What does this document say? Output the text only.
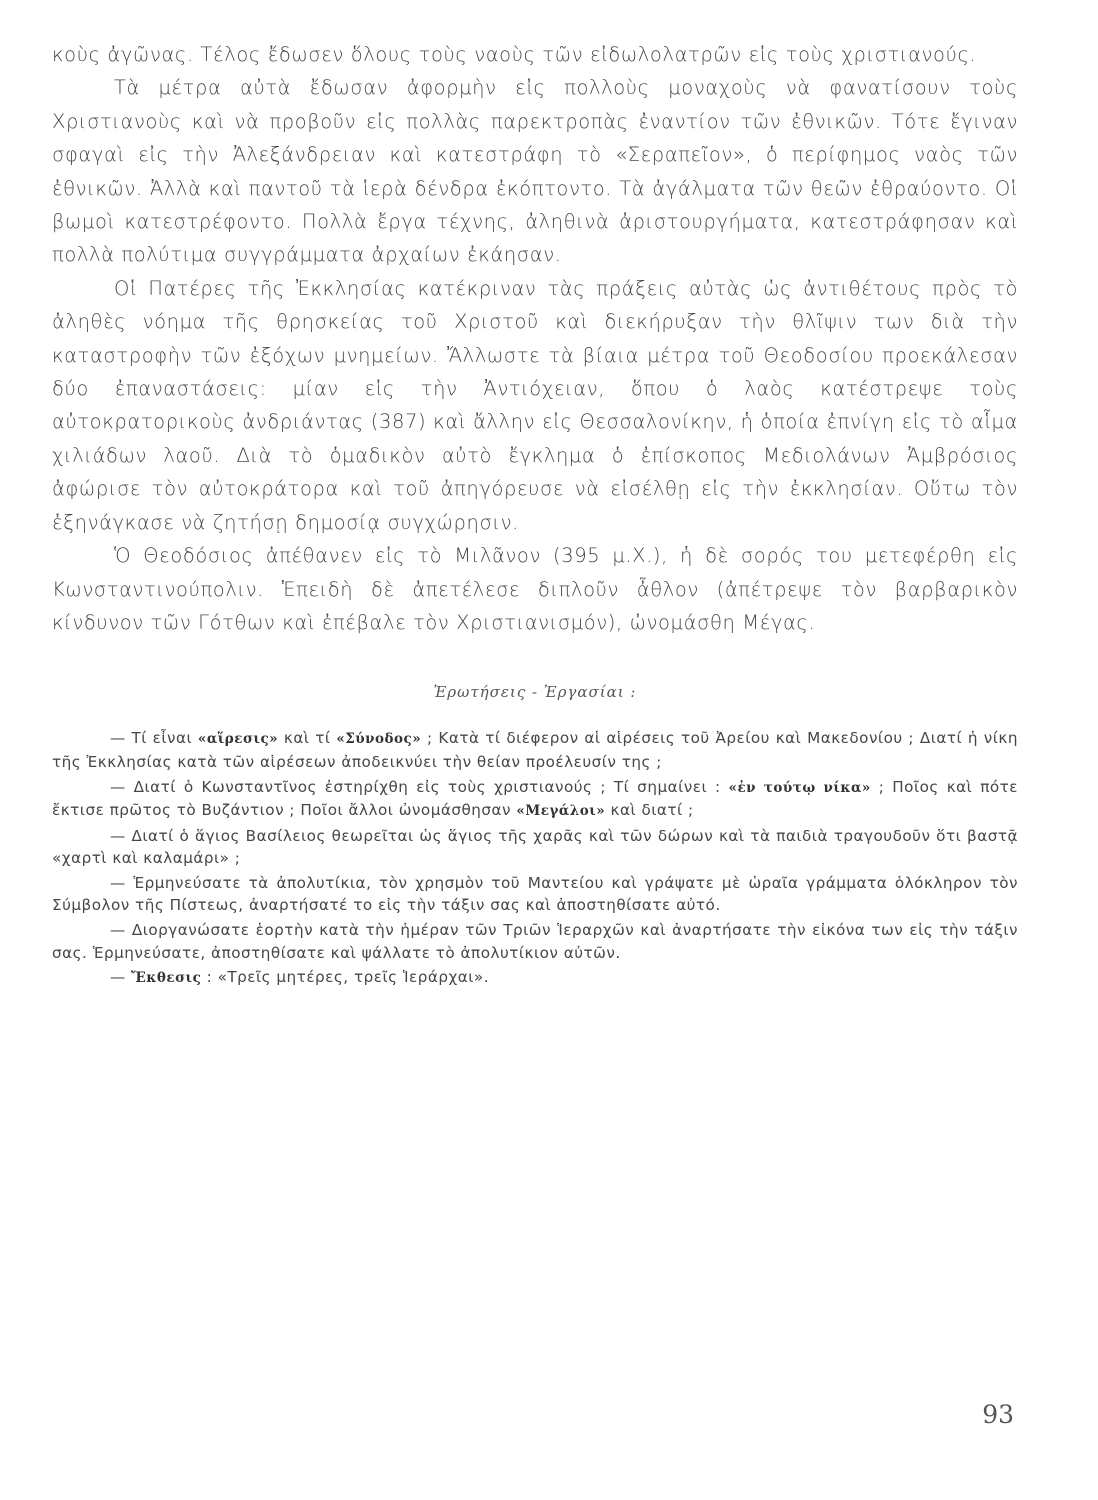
κοὺς ἀγῶνας. Τέλος ἔδωσεν ὅλους τοὺς ναοὺς τῶν εἰδωλολατρῶν εἰς τοὺς χριστιανούς.

Τὰ μέτρα αὐτὰ ἔδωσαν ἀφορμὴν εἰς πολλοὺς μοναχοὺς νὰ φανατίσουν τοὺς Χριστιανοὺς καὶ νὰ προβοῦν εἰς πολλὰς παρεκτροπὰς ἐναντίον τῶν ἐθνικῶν. Τότε ἔγιναν σφαγαὶ εἰς τὴν Ἀλεξάνδρειαν καὶ κατεστράφη τὸ «Σεραπεῖον», ὁ περίφημος ναὸς τῶν ἐθνικῶν. Ἀλλὰ καὶ παντοῦ τὰ ἱερὰ δένδρα ἐκόπτοντο. Τὰ ἀγάλματα τῶν θεῶν ἐθραύοντο. Οἱ βωμοὶ κατεστρέφοντο. Πολλὰ ἔργα τέχνης, ἀληθινὰ ἀριστουργήματα, κατεστράφησαν καὶ πολλὰ πολύτιμα συγγράμματα ἀρχαίων ἐκάησαν.

Οἱ Πατέρες τῆς Ἐκκλησίας κατέκριναν τὰς πράξεις αὐτὰς ὡς ἀντιθέτους πρὸς τὸ ἀληθὲς νόημα τῆς θρησκείας τοῦ Χριστοῦ καὶ διεκήρυξαν τὴν θλῖψιν των διὰ τὴν καταστροφὴν τῶν ἐξόχων μνημείων. Ἄλλωστε τὰ βίαια μέτρα τοῦ Θεοδοσίου προεκάλεσαν δύο ἐπαναστάσεις: μίαν εἰς τὴν Ἀντιόχειαν, ὅπου ὁ λαὸς κατέστρεψε τοὺς αὐτοκρατορικοὺς ἀνδριάντας (387) καὶ ἄλλην εἰς Θεσσαλονίκην, ἡ ὁποία ἐπνίγη εἰς τὸ αἷμα χιλιάδων λαοῦ. Διὰ τὸ ὁμαδικὸν αὐτὸ ἔγκλημα ὁ ἐπίσκοπος Μεδιολάνων Ἀμβρόσιος ἀφώρισε τὸν αὐτοκράτορα καὶ τοῦ ἀπηγόρευσε νὰ εἰσέλθῃ εἰς τὴν ἐκκλησίαν. Οὕτω τὸν ἐξηνάγκασε νὰ ζητήσῃ δημοσίᾳ συγχώρησιν.

Ὁ Θεοδόσιος ἀπέθανεν εἰς τὸ Μιλᾶνον (395 μ.Χ.), ἡ δὲ σορός του μετεφέρθη εἰς Κωνσταντινούπολιν. Ἐπειδὴ δὲ ἀπετέλεσε διπλοῦν ἆθλον (ἀπέτρεψε τὸν βαρβαρικὸν κίνδυνον τῶν Γότθων καὶ ἐπέβαλε τὸν Χριστιανισμόν), ὠνομάσθη Μέγας.

Ἐρωτήσεις - Ἐργασίαι :

— Τί εἶναι «αἵρεσις» καὶ τί «Σύνοδος» ; Κατὰ τί διέφερον αἱ αἱρέσεις τοῦ Ἀρείου καὶ Μακεδονίου ; Διατί ἡ νίκη τῆς Ἐκκλησίας κατὰ τῶν αἱρέσεων ἀποδεικνύει τὴν θείαν προέλευσίν της ;

— Διατί ὁ Κωνσταντῖνος ἐστηρίχθη εἰς τοὺς χριστιανούς ; Τί σημαίνει : «ἐν τούτῳ νίκα» ; Ποῖος καὶ πότε ἔκτισε πρῶτος τὸ Βυζάντιον ; Ποῖοι ἄλλοι ὠνομάσθησαν «Μεγάλοι» καὶ διατί ;

— Διατί ὁ ἅγιος Βασίλειος θεωρεῖται ὡς ἅγιος τῆς χαρᾶς καὶ τῶν δώρων καὶ τὰ παιδιὰ τραγουδοῦν ὅτι βαστᾷ «χαρτὶ καὶ καλαμάρι» ;

— Ἑρμηνεύσατε τὰ ἀπολυτίκια, τὸν χρησμὸν τοῦ Μαντείου καὶ γράψατε μὲ ὡραῖα γράμματα ὁλόκληρον τὸν Σύμβολον τῆς Πίστεως, ἀναρτήσατέ το εἰς τὴν τάξιν σας καὶ ἀποστηθίσατε αὐτό.

— Διοργανώσατε ἑορτὴν κατὰ τὴν ἡμέραν τῶν Τριῶν Ἱεραρχῶν καὶ ἀναρτήσατε τὴν εἰκόνα των εἰς τὴν τάξιν σας. Ἑρμηνεύσατε, ἀποστηθίσατε καὶ ψάλλατε τὸ ἀπολυτίκιον αὐτῶν.

— Ἔκθεσις : «Τρεῖς μητέρες, τρεῖς Ἱεράρχαι».

93
